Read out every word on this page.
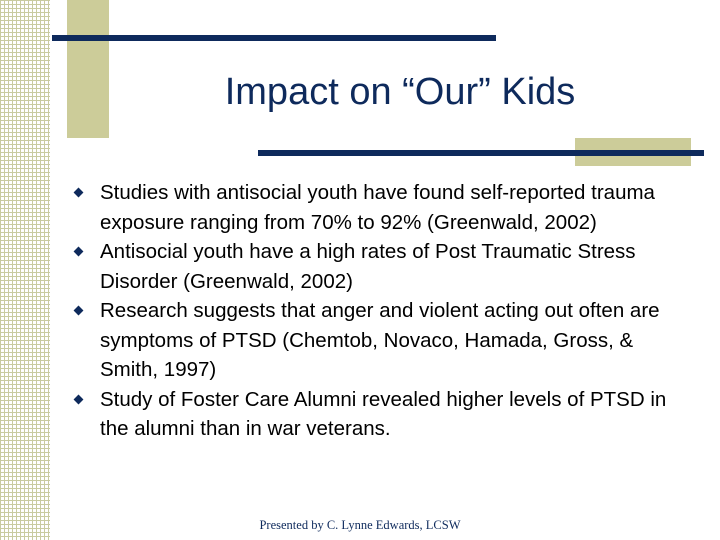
Impact on “Our” Kids
Studies with antisocial youth have found self-reported trauma exposure ranging from 70% to 92% (Greenwald, 2002)
Antisocial youth have a high rates of Post Traumatic Stress Disorder (Greenwald, 2002)
Research suggests that anger and violent acting out often are symptoms of PTSD (Chemtob, Novaco, Hamada, Gross, & Smith, 1997)
Study of Foster Care Alumni revealed higher levels of PTSD in the alumni than in war veterans.
Presented by C. Lynne Edwards, LCSW
